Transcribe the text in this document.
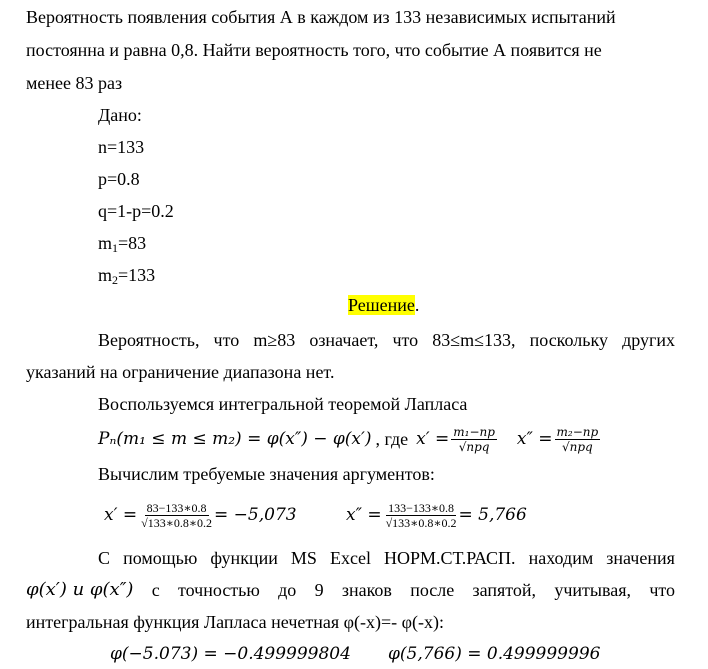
Вероятность появления события А в каждом из 133 независимых испытаний
постоянна и равна 0,8. Найти вероятность того, что событие А появится не
менее 83 раз
Дано:
n=133
p=0.8
q=1-p=0.2
$m_1=83$
$m_2=133$
Решение.
Вероятность, что m≥83 означает, что 83≤m≤133, поскольку других
указаний на ограничение диапазона нет.
Воспользуемся интегральной теоремой Лапласа
Pₙ(m₁ ≤ m ≤ m₂) = φ(x″) − φ(x′) , где $x' = \frac{\text{m₁−np}}{\text{√npq}} x'' = \frac{\text{m₂−np}}{\text{√npq}}$
Вычислим требуемые значения аргументов:
$x' = \frac{83-133∗0.8}{√133∗0.8∗0.2} = -5,073$	$x'' = \frac{133-133∗0.8}{√133∗0.8∗0.2} = 5,766$
С помощью функции MS Excel НОРМ.СТ.РАСП. находим значения
φ(x′) и φ(x″) с точностью до 9 знаков после запятой, учитывая, что
интегральная функция Лапласа нечетная φ(-x)=- φ(-x):
φ(−5.073) = −0.499999804 φ(5,766) = 0.499999996
